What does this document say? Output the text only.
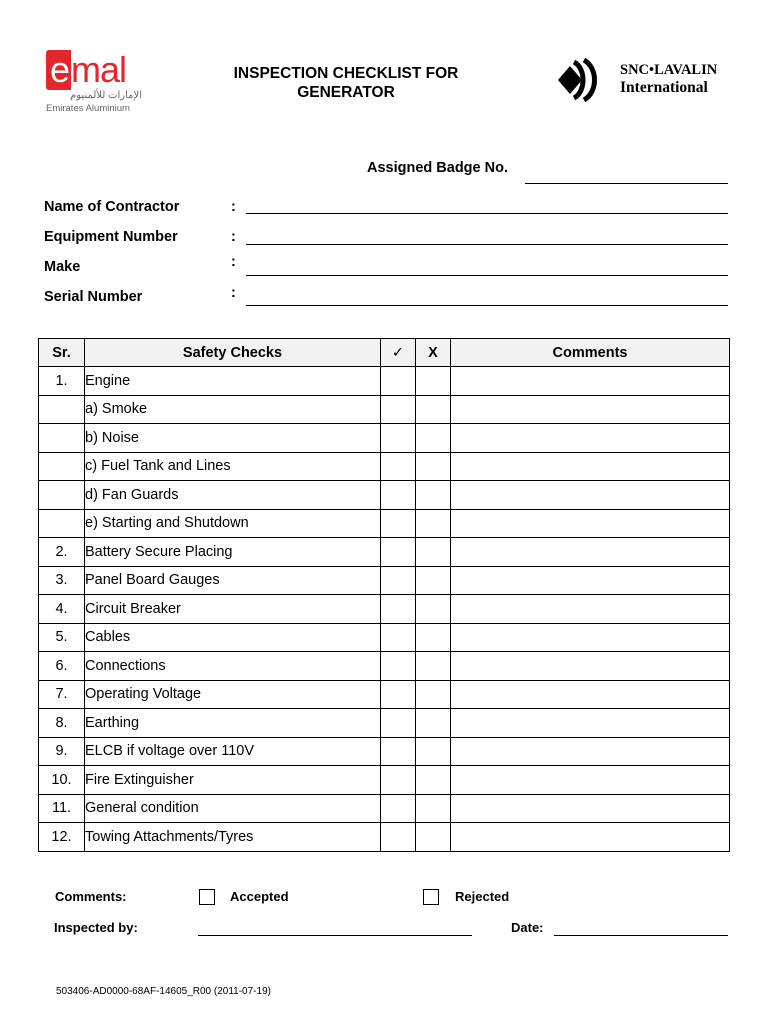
emal
الإمارات للألمنيوم
Emirates Aluminium
INSPECTION CHECKLIST FOR
GENERATOR
SNC•LAVALIN
International
Assigned Badge No.
Name of Contractor	:
Equipment Number	:
Make	:
Serial Number	:
Sr.	Safety Checks	✓	X	Comments
1.	Engine			
	a) Smoke			
	b) Noise			
	c) Fuel Tank and Lines			
	d) Fan Guards			
	e) Starting and Shutdown			
2.	Battery Secure Placing			
3.	Panel Board Gauges			
4.	Circuit Breaker			
5.	Cables			
6.	Connections			
7.	Operating Voltage			
8.	Earthing			
9.	ELCB if voltage over 110V			
10.	Fire Extinguisher			
11.	General condition			
12.	Towing Attachments/Tyres			
Comments:	Accepted	Rejected
Inspected by:	Date:
503406-AD0000-68AF-14605_R00 (2011-07-19)
